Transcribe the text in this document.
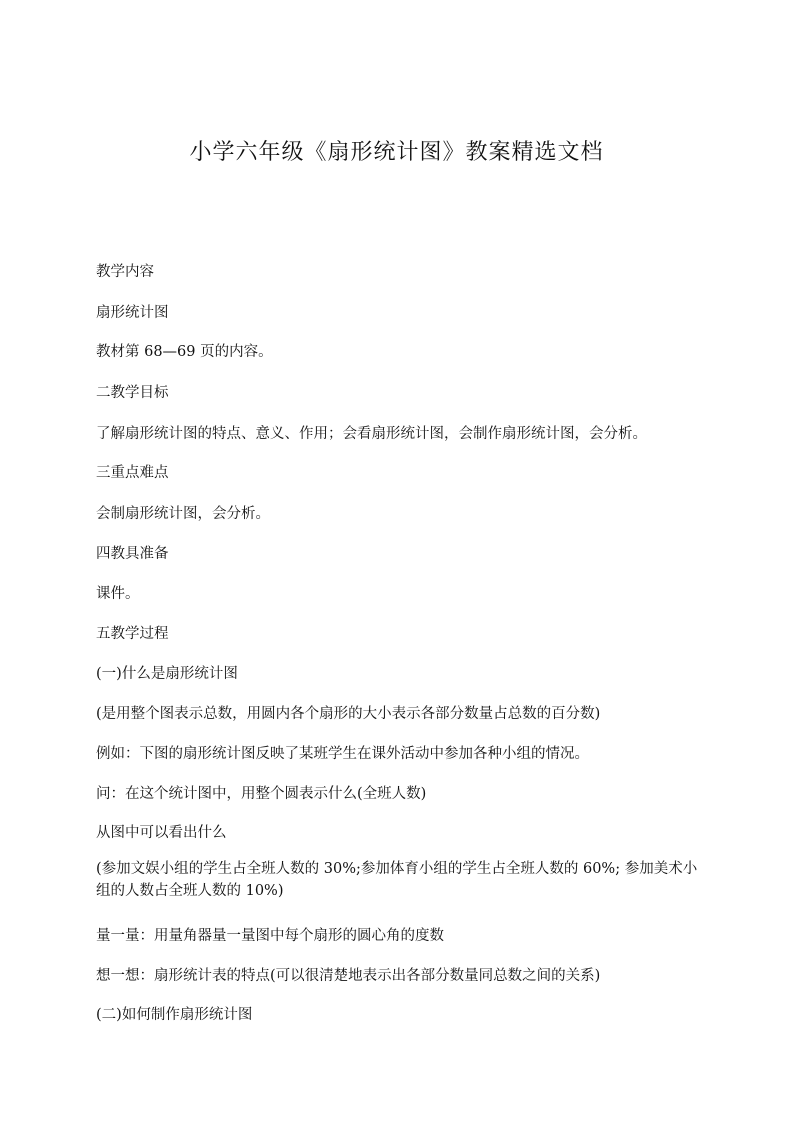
小学六年级《扇形统计图》教案精选文档

教学内容

扇形统计图

教材第 68—69 页的内容。

二教学目标

了解扇形统计图的特点、意义、作用；会看扇形统计图，会制作扇形统计图，会分析。

三重点难点

会制扇形统计图，会分析。

四教具准备

课件。

五教学过程

(一)什么是扇形统计图

(是用整个图表示总数，用圆内各个扇形的大小表示各部分数量占总数的百分数)

例如：下图的扇形统计图反映了某班学生在课外活动中参加各种小组的情况。

问：在这个统计图中，用整个圆表示什么(全班人数)

从图中可以看出什么

(参加文娱小组的学生占全班人数的 30%;参加体育小组的学生占全班人数的 60%; 参加美术小组的人数占全班人数的 10%)

量一量：用量角器量一量图中每个扇形的圆心角的度数

想一想：扇形统计表的特点(可以很清楚地表示出各部分数量同总数之间的关系)

(二)如何制作扇形统计图
